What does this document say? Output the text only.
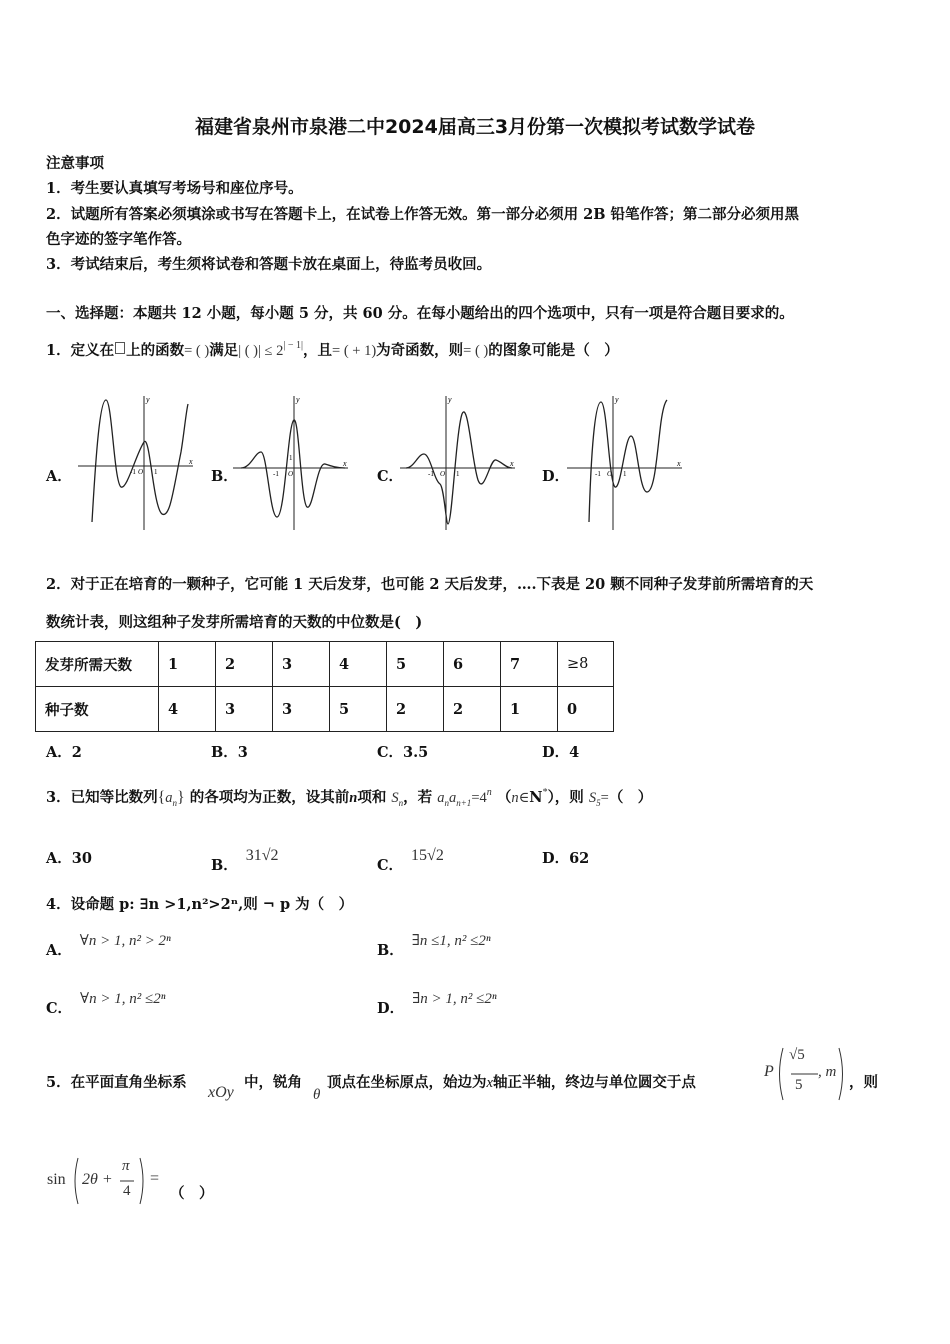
福建省泉州市泉港二中2024届高三3月份第一次模拟考试数学试卷
注意事项
1．考生要认真填写考场号和座位序号。
2．试题所有答案必须填涂或书写在答题卡上，在试卷上作答无效。第一部分必须用 2B 铅笔作答；第二部分必须用黑
色字迹的签字笔作答。
3．考试结束后，考生须将试卷和答题卡放在桌面上，待监考员收回。
一、选择题：本题共 12 小题，每小题 5 分，共 60 分。在每小题给出的四个选项中，只有一项是符合题目要求的。
1．定义在 上的函数= ( )满足| ( )| ≤ $2^{| - 1|}$，且= ( + 1)为奇函数，则= ( )的图象可能是（　）
A．	B．	C．	D．
x
y
-1 O 1
x
y
-1 O
1
x
y
-1 O 1
x
y
-1 O 1
2．对于正在培育的一颗种子，它可能 1 天后发芽，也可能 2 天后发芽，….下表是 20 颗不同种子发芽前所需培育的天
数统计表，则这组种子发芽所需培育的天数的中位数是(　)
发芽所需天数	1	2	3	4	5	6	7	≥8
种子数	4	3	3	5	2	2	1	0
A．2	B．3	C．3.5	D．4
3．已知等比数列$\{a_n\}$ 的各项均为正数，设其前n项和 $S_n$，若 $a_na_{n+1}=4^n$ （n∈N*），则 $S_5=$（　）
A．30	B．31√2
C．15√2	D．62
4．设命题 p: ∃n >1,n²>2ⁿ,则 ¬ p 为（　）
A．∀n > 1, n² > 2ⁿ
B．∃n ≤1, n² ≤2ⁿ
C．∀n > 1, n² ≤2ⁿ
D．∃n > 1, n² ≤2ⁿ
5．在平面直角坐标系
xOy
中，锐角
θ
顶点在坐标原点，始边为x轴正半轴，终边与单位圆交于点
P
√5
5
, m
，则
sin 2θ +
π
4
=
（　）
